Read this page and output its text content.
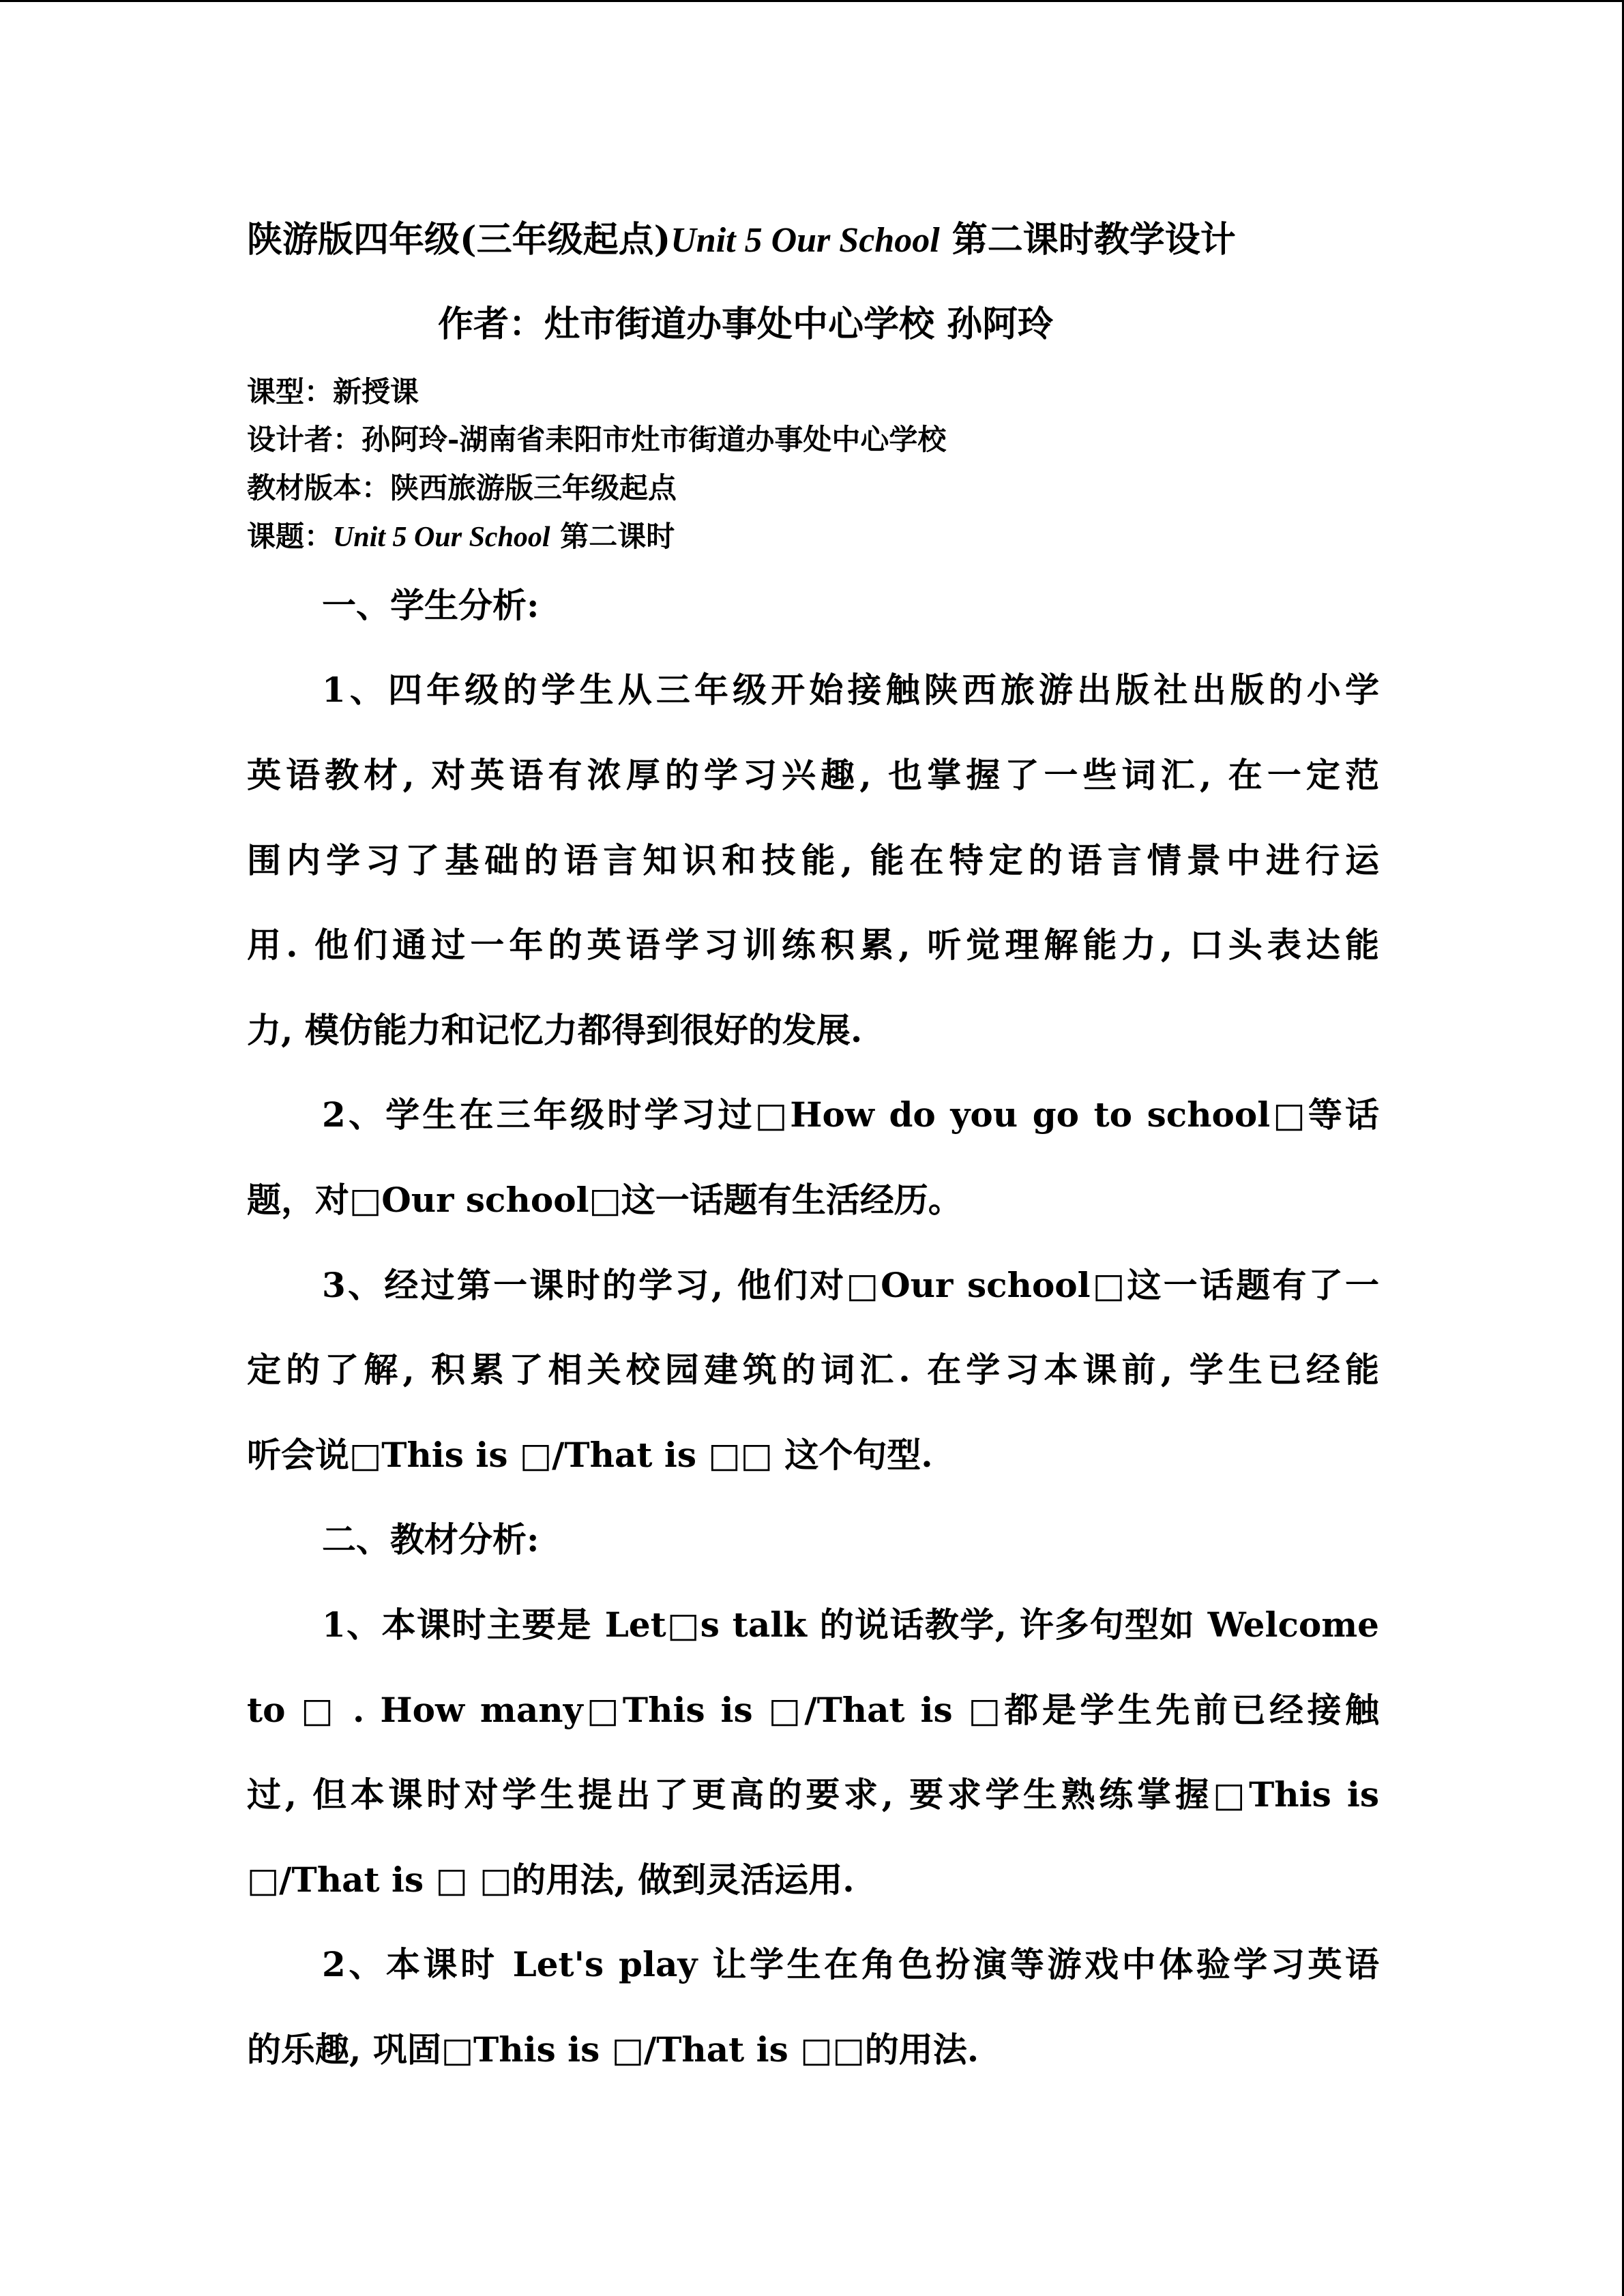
陕游版四年级(三年级起点)Unit 5 Our School 第二课时教学设计
作者：灶市街道办事处中心学校 孙阿玲
课型：新授课
设计者：孙阿玲-湖南省耒阳市灶市街道办事处中心学校
教材版本：陕西旅游版三年级起点
课题：Unit 5 Our School 第二课时
一、学生分析:
1、四年级的学生从三年级开始接触陕西旅游出版社出版的小学
英语教材, 对英语有浓厚的学习兴趣, 也掌握了一些词汇, 在一定范
围内学习了基础的语言知识和技能, 能在特定的语言情景中进行运
用. 他们通过一年的英语学习训练积累, 听觉理解能力, 口头表达能
力, 模仿能力和记忆力都得到很好的发展.
2、学生在三年级时学习过□How do you go to school□等话
题，对□Our school□这一话题有生活经历。
3、经过第一课时的学习, 他们对□Our school□这一话题有了一
定的了解, 积累了相关校园建筑的词汇. 在学习本课前, 学生已经能
听会说□This is □/That is □□ 这个句型.
二、教材分析:
1、本课时主要是 Let□s talk 的说话教学, 许多句型如 Welcome
to □ . How many□This is □/That is □都是学生先前已经接触
过, 但本课时对学生提出了更高的要求, 要求学生熟练掌握□This is
□/That is □ □的用法, 做到灵活运用.
2、本课时 Let's play 让学生在角色扮演等游戏中体验学习英语
的乐趣, 巩固□This is □/That is □□的用法.
